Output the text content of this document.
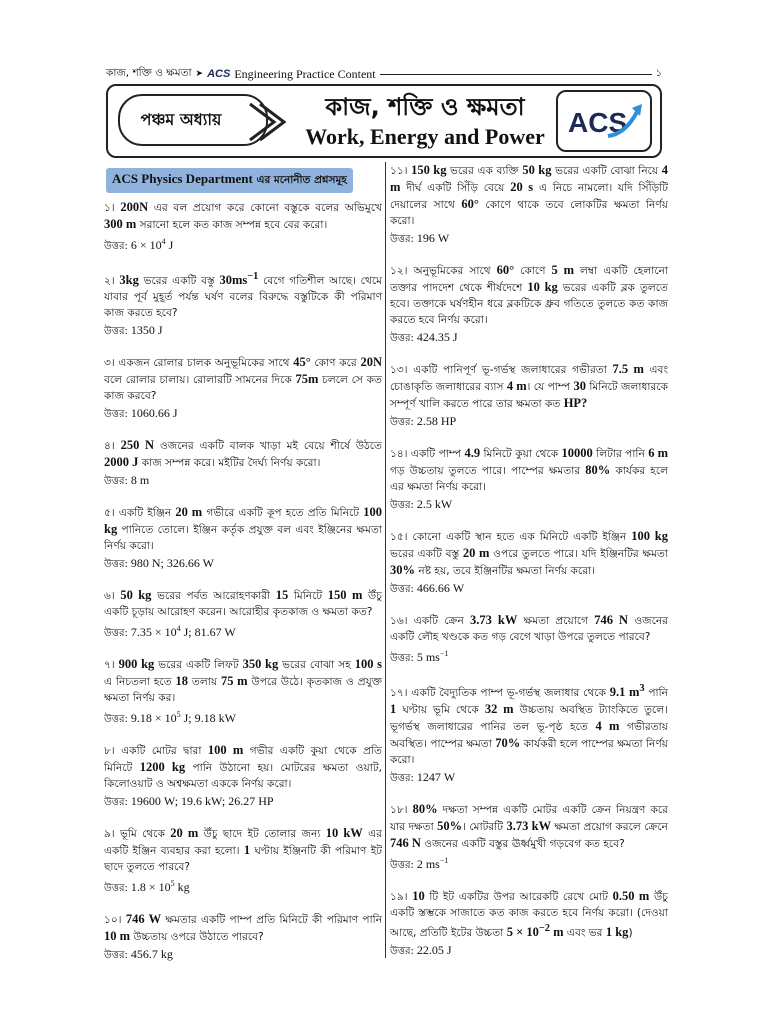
কাজ, শক্তি ও ক্ষমতা ➤ ACS Engineering Practice Content	১
পঞ্চম অধ্যায়	কাজ, শক্তি ও ক্ষমতা
Work, Energy and Power ACS
ACS Physics Department এর মনোনীত প্রশ্নসমূহ
১। 200N এর বল প্রয়োগ করে কোনো বস্তুকে বলের অভিমুখে 300 m সরানো হলে কত কাজ সম্পন্ন হবে বের করো।
উত্তর: $6 \times 10^4$ J
২। 3kg ভরের একটি বস্তু $30ms^{-1}$ বেগে গতিশীল আছে। থেমে যাবার পূর্ব মুহূর্ত পর্যন্ত ঘর্ষণ বলের বিরুদ্ধে বস্তুটিকে কী পরিমাণ কাজ করতে হবে?
উত্তর: 1350 J
৩। একজন রোলার চালক অনুভূমিকের সাথে 45° কোণ করে 20N বলে রোলার চালায়। রোলারটি সামনের দিকে 75m চললে সে কত কাজ করবে?
উত্তর: 1060.66 J
৪। 250 N ওজনের একটি বালক খাড়া মই বেয়ে শীর্ষে উঠতে 2000 J কাজ সম্পন্ন করে। মইটির দৈর্ঘ্য নির্ণয় করো।
উত্তর: 8 m
৫। একটি ইঞ্জিন 20 m গভীরে একটি কূপ হতে প্রতি মিনিটে 100 kg পানিতে তোলে। ইঞ্জিন কর্তৃক প্রযুক্ত বল এবং ইঞ্জিনের ক্ষমতা নির্ণয় করো।
উত্তর: 980 N; 326.66 W
৬। 50 kg ভরের পর্বত আরোহণকারী 15 মিনিটে 150 m উঁচু একটি চূড়ায় আরোহণ করেন। আরোহীর কৃতকাজ ও ক্ষমতা কত?
উত্তর: $7.35 \times 10^4$ J; 81.67 W
৭। 900 kg ভরের একটি লিফট 350 kg ভরের বোঝা সহ 100 s এ নিচতলা হতে 18 তলায় 75 m উপরে উঠে। কৃতকাজ ও প্রযুক্ত ক্ষমতা নির্ণয় কর।
উত্তর: $9.18 \times 10^5$ J; 9.18 kW
৮। একটি মোটর দ্বারা 100 m গভীর একটি কুয়া থেকে প্রতি মিনিটে 1200 kg পানি উঠানো হয়। মোটরের ক্ষমতা ওয়াট, কিলোওয়াট ও অশ্বক্ষমতা এককে নির্ণয় করো।
উত্তর: 19600 W; 19.6 kW; 26.27 HP
৯। ভূমি থেকে 20 m উঁচু ছাদে ইট তোলার জন্য 10 kW এর একটি ইঞ্জিন ব্যবহার করা হলো। 1 ঘণ্টায় ইঞ্জিনটি কী পরিমাণ ইট ছাদে তুলতে পারবে?
উত্তর: $1.8 \times 10^5$ kg
১০। 746 W ক্ষমতার একটি পাম্প প্রতি মিনিটে কী পরিমাণ পানি 10 m উচ্চতায় ওপরে উঠাতে পারবে?
উত্তর: 456.7 kg
১১। 150 kg ভরের এক ব্যক্তি 50 kg ভরের একটি বোঝা নিয়ে 4 m দীর্ঘ একটি সিঁড়ি বেয়ে 20 s এ নিচে নামলো। যদি সিঁড়িটি দেয়ালের সাথে 60° কোণে থাকে তবে লোকটির ক্ষমতা নির্ণয় করো।
উত্তর: 196 W
১২। অনুভূমিকের সাথে 60° কোণে 5 m লম্বা একটি হেলানো তক্তার পাদদেশ থেকে শীর্ষদেশে 10 kg ভরের একটি ব্লক তুলতে হবে। তক্তাকে ঘর্ষণহীন ধরে ব্লকটিকে ধ্রুব গতিতে তুলতে কত কাজ করতে হবে নির্ণয় করো।
উত্তর: 424.35 J
১৩। একটি পানিপূর্ণ ভূ-গর্ভস্থ জলাধারের গভীরতা 7.5 m এবং চোঙাকৃতি জলাধারের ব্যাস 4 m। যে পাম্প 30 মিনিটে জলাধারকে সম্পূর্ণ খালি করতে পারে তার ক্ষমতা কত HP?
উত্তর: 2.58 HP
১৪। একটি পাম্প 4.9 মিনিটে কুয়া থেকে 10000 লিটার পানি 6 m গড় উচ্চতায় তুলতে পারে। পাম্পের ক্ষমতার 80% কার্যকর হলে এর ক্ষমতা নির্ণয় করো।
উত্তর: 2.5 kW
১৫। কোনো একটি স্থান হতে এক মিনিটে একটি ইঞ্জিন 100 kg ভরের একটি বস্তু 20 m ওপরে তুলতে পারে। যদি ইঞ্জিনটির ক্ষমতা 30% নষ্ট হয়, তবে ইঞ্জিনটির ক্ষমতা নির্ণয় করো।
উত্তর: 466.66 W
১৬। একটি ক্রেন 3.73 kW ক্ষমতা প্রয়োগে 746 N ওজনের একটি লৌহ খণ্ডকে কত গড় বেগে খাড়া উপরে তুলতে পারবে?
উত্তর: 5 $ms^{-1}$
১৭। একটি বৈদ্যুতিক পাম্প ভূ-গর্ভস্থ জলাধার থেকে 9.1 $m^3$ পানি 1 ঘণ্টায় ভূমি থেকে 32 m উচ্চতায় অবস্থিত ট্যাংকিতে তুলে। ভূগর্ভস্থ জলাধারের পানির তল ভূ-পৃষ্ঠ হতে 4 m গভীরতায় অবস্থিত। পাম্পের ক্ষমতা 70% কার্যকরী হলে পাম্পের ক্ষমতা নির্ণয় করো।
উত্তর: 1247 W
১৮। 80% দক্ষতা সম্পন্ন একটি মোটর একটি ক্রেন নিয়ন্ত্রণ করে যার দক্ষতা 50%। মোটরটি 3.73 kW ক্ষমতা প্রয়োগ করলে ক্রেনে 746 N ওজনের একটি বস্তুর ঊর্ধ্বমুখী গড়বেগ কত হবে?
উত্তর: 2 $ms^{-1}$
১৯। 10 টি ইট একটির উপর আরেকটি রেখে মোট 0.50 m উঁচু একটি স্তম্ভকে সাজাতে কত কাজ করতে হবে নির্ণয় করো। (দেওয়া আছে, প্রতিটি ইটের উচ্চতা $5 \times 10^{-2}$ m এবং ভর 1 kg)
উত্তর: 22.05 J
